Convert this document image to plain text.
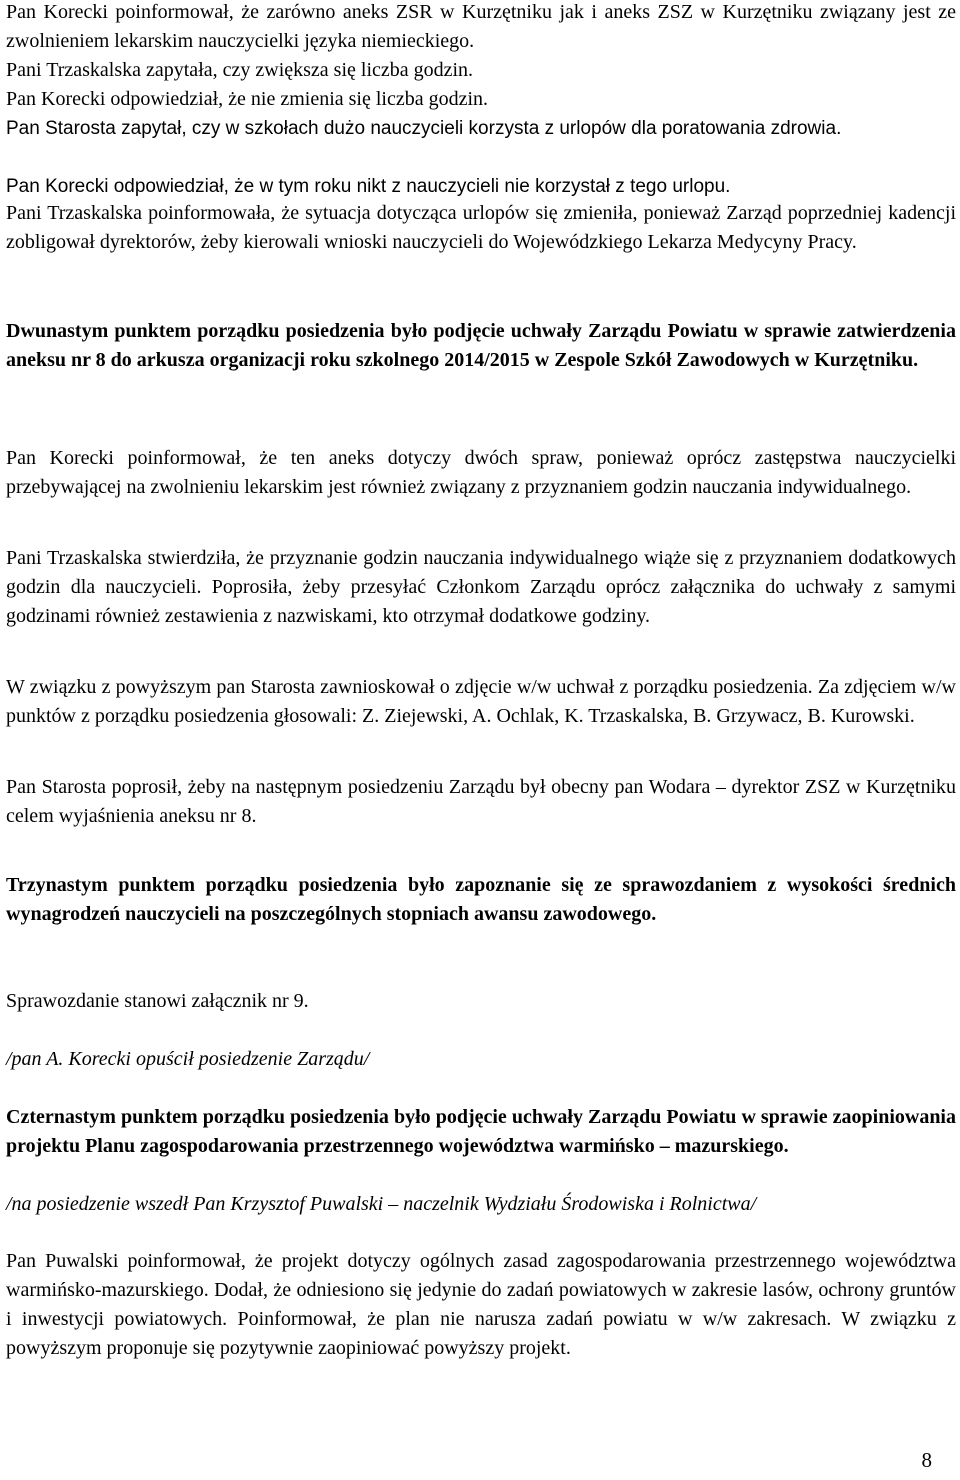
Pan Korecki poinformował, że zarówno aneks ZSR w Kurzętniku jak i aneks ZSZ w Kurzętniku związany jest ze zwolnieniem lekarskim nauczycielki języka niemieckiego.

Pani Trzaskalska zapytała, czy zwiększa się liczba godzin.

Pan Korecki odpowiedział, że nie zmienia się liczba godzin.

Pan Starosta zapytał, czy w szkołach dużo nauczycieli korzysta z urlopów dla poratowania zdrowia.

Pan Korecki odpowiedział, że w tym roku nikt z nauczycieli nie korzystał z tego urlopu.

Pani Trzaskalska poinformowała, że sytuacja dotycząca urlopów się zmieniła, ponieważ Zarząd poprzedniej kadencji zobligował dyrektorów, żeby kierowali wnioski nauczycieli do Wojewódzkiego Lekarza Medycyny Pracy.

Dwunastym punktem porządku posiedzenia było podjęcie uchwały Zarządu Powiatu w sprawie zatwierdzenia aneksu nr 8 do arkusza organizacji roku szkolnego 2014/2015 w Zespole Szkół Zawodowych w Kurzętniku.

Pan Korecki poinformował, że ten aneks dotyczy dwóch spraw, ponieważ oprócz zastępstwa nauczycielki przebywającej na zwolnieniu lekarskim jest również związany z przyznaniem godzin nauczania indywidualnego.

Pani Trzaskalska stwierdziła, że przyznanie godzin nauczania indywidualnego wiąże się z przyznaniem dodatkowych godzin dla nauczycieli. Poprosiła, żeby przesyłać Członkom Zarządu oprócz załącznika do uchwały z samymi godzinami również zestawienia z nazwiskami, kto otrzymał dodatkowe godziny.

W związku z powyższym pan Starosta zawnioskował o zdjęcie w/w uchwał z porządku posiedzenia. Za zdjęciem w/w punktów z porządku posiedzenia głosowali: Z. Ziejewski, A. Ochlak, K. Trzaskalska, B. Grzywacz, B. Kurowski.

Pan Starosta poprosił, żeby na następnym posiedzeniu Zarządu był obecny pan Wodara – dyrektor ZSZ w Kurzętniku celem wyjaśnienia aneksu nr 8.

Trzynastym punktem porządku posiedzenia było zapoznanie się ze sprawozdaniem z wysokości średnich wynagrodzeń nauczycieli na poszczególnych stopniach awansu zawodowego.

Sprawozdanie stanowi załącznik nr 9.

/pan A. Korecki opuścił posiedzenie Zarządu/

Czternastym punktem porządku posiedzenia było podjęcie uchwały Zarządu Powiatu w sprawie zaopiniowania projektu Planu zagospodarowania przestrzennego województwa warmińsko – mazurskiego.

/na posiedzenie wszedł Pan Krzysztof Puwalski – naczelnik Wydziału Środowiska i Rolnictwa/

Pan Puwalski poinformował, że projekt dotyczy ogólnych zasad zagospodarowania przestrzennego województwa warmińsko-mazurskiego. Dodał, że odniesiono się jedynie do zadań powiatowych w zakresie lasów, ochrony gruntów i inwestycji powiatowych. Poinformował, że plan nie narusza zadań powiatu w w/w zakresach. W związku z powyższym proponuje się pozytywnie zaopiniować powyższy projekt.

8
